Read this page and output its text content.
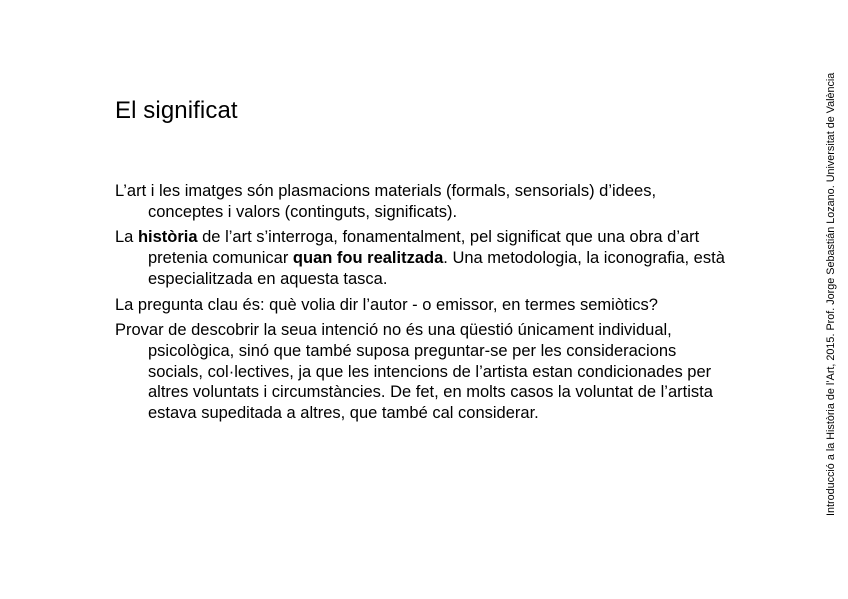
El significat

L’art i les imatges són plasmacions materials (formals, sensorials) d’idees, conceptes i valors (continguts, significats).

La història de l’art s’interroga, fonamentalment, pel significat que una obra d’art pretenia comunicar quan fou realitzada. Una metodologia, la iconografia, està especialitzada en aquesta tasca.

La pregunta clau és: què volia dir l’autor - o emissor, en termes semiòtics?

Provar de descobrir la seua intenció no és una qüestió únicament individual, psicològica, sinó que també suposa preguntar-se per les consideracions socials, col·lectives, ja que les intencions de l’artista estan condicionades per altres voluntats i circumstàncies. De fet, en molts casos la voluntat de l’artista estava supeditada a altres, que també cal considerar.	Introducció a la Història de l’Art, 2015. Prof. Jorge Sebastián Lozano. Universitat de València
